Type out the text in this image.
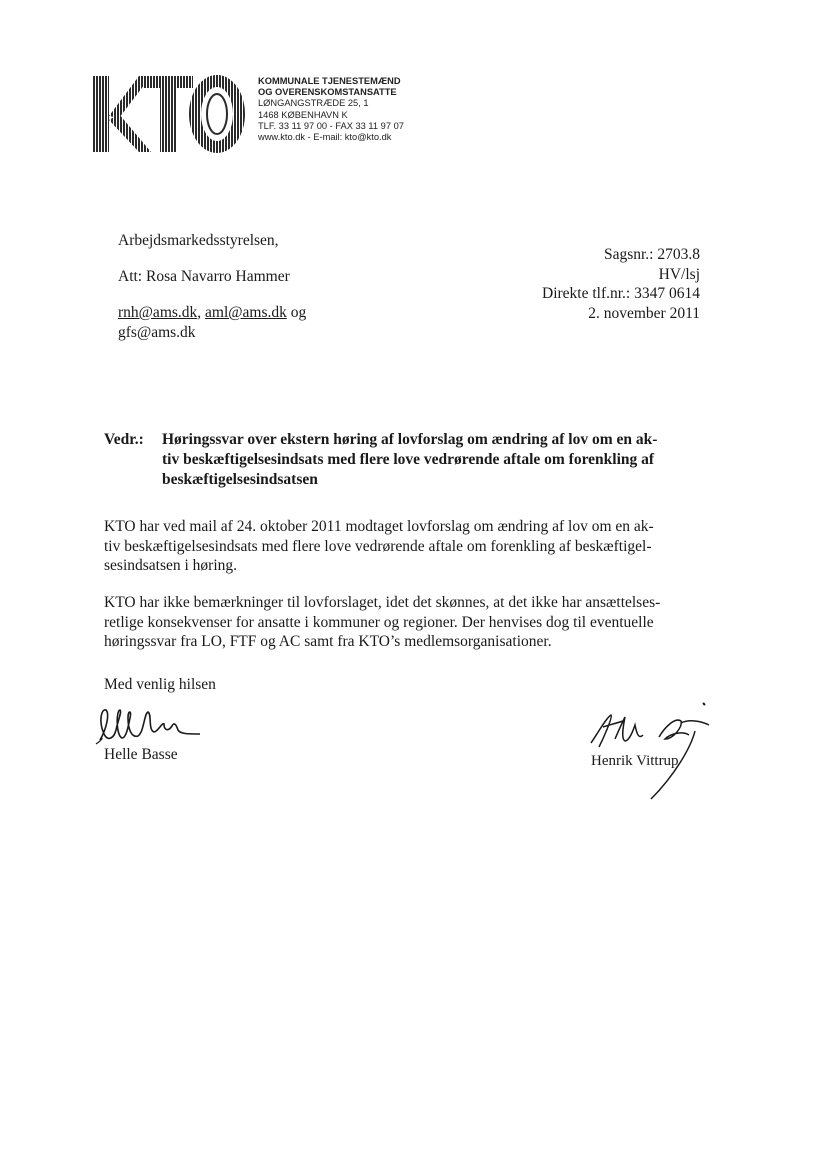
KOMMUNALE TJENESTEMÆND
OG OVERENSKOMSTANSATTE
LØNGANGSTRÆDE 25, 1
1468 KØBENHAVN K
TLF. 33 11 97 00 - FAX 33 11 97 07
www.kto.dk - E-mail: kto@kto.dk
Arbejdsmarkedsstyrelsen,
Att: Rosa Navarro Hammer
rnh@ams.dk, aml@ams.dk og
gfs@ams.dk
Sagsnr.: 2703.8
HV/lsj
Direkte tlf.nr.: 3347 0614
2. november 2011
Vedr.: Høringssvar over ekstern høring af lovforslag om ændring af lov om en ak-
tiv beskæftigelsesindsats med flere love vedrørende aftale om forenkling af
beskæftigelsesindsatsen
KTO har ved mail af 24. oktober 2011 modtaget lovforslag om ændring af lov om en ak-
tiv beskæftigelsesindsats med flere love vedrørende aftale om forenkling af beskæftigel-
sesindsatsen i høring.
KTO har ikke bemærkninger til lovforslaget, idet det skønnes, at det ikke har ansættelses-
retlige konsekvenser for ansatte i kommuner og regioner. Der henvises dog til eventuelle
høringssvar fra LO, FTF og AC samt fra KTO’s medlemsorganisationer.
Med venlig hilsen
Helle Basse	Henrik Vittrup
